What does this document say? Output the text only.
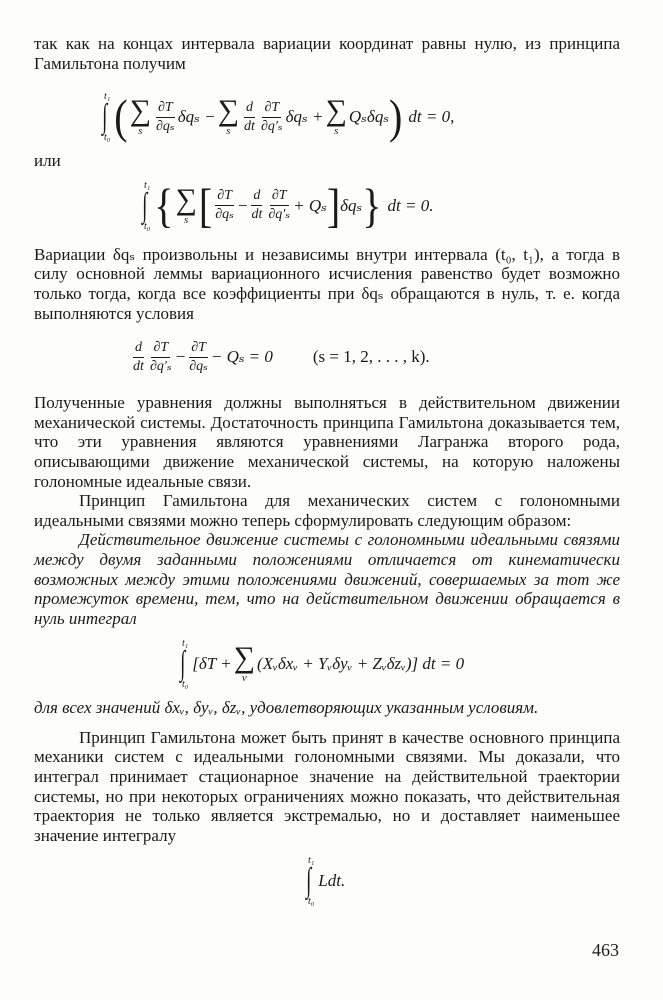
так как на концах интервала вариации координат равны нулю, из принципа Гамильтона получим

t₁
∫
t₀ ( ∑
s $\frac{\partial T}{\text{∂qₛ}}$ δqₛ − ∑
s $\frac{d}{dt} \frac{\partial T}{\text{∂q′ₛ}}$ δqₛ + ∑
s
Qₛδqₛ ) dt = 0,

или

t₁
∫
t₀ { ∑
s [ $\frac{\partial T}{\text{∂qₛ}} - \frac{d}{dt} \frac{\partial T}{\text{∂q′ₛ}} + Q_s$ ] δqₛ } dt = 0.

Вариации δqₛ произвольны и независимы внутри интервала (t₀, t₁), а тогда в силу основной леммы вариационного исчисления равенство будет возможно только тогда, когда все коэффициенты при δqₛ обращаются в нуль, т. е. когда выполняются условия

$\frac{d}{dt} \frac{\partial T}{\text{∂q′ₛ}} - \frac{\partial T}{\text{∂qₛ}} - Q_s = 0$ (s = 1, 2, . . . , k).

Полученные уравнения должны выполняться в действительном движении механической системы. Достаточность принципа Гамильтона доказывается тем, что эти уравнения являются уравнениями Лагранжа второго рода, описывающими движение механической системы, на которую наложены голономные идеальные связи.

Принцип Гамильтона для механических систем с голономными идеальными связями можно теперь сформулировать следующим образом:

Действительное движение системы с голономными идеальными связями между двумя заданными положениями отличается от кинематически возможных между этими положениями движений, совершаемых за тот же промежуток времени, тем, что на действительном движении обращается в нуль интеграл

t₁
∫
t₀
[δT + ∑
ν
(Xᵥδxᵥ + Yᵥδyᵥ + Zᵥδzᵥ)] dt = 0

для всех значений δxᵥ, δyᵥ, δzᵥ, удовлетворяющих указанным условиям.

Принцип Гамильтона может быть принят в качестве основного принципа механики систем с идеальными голономными связями. Мы доказали, что интеграл принимает стационарное значение на действительной траектории системы, но при некоторых ограничениях можно показать, что действительная траектория не только является экстремалью, но и доставляет наименьшее значение интегралу

t₁
∫
t₀
Ldt.
463
